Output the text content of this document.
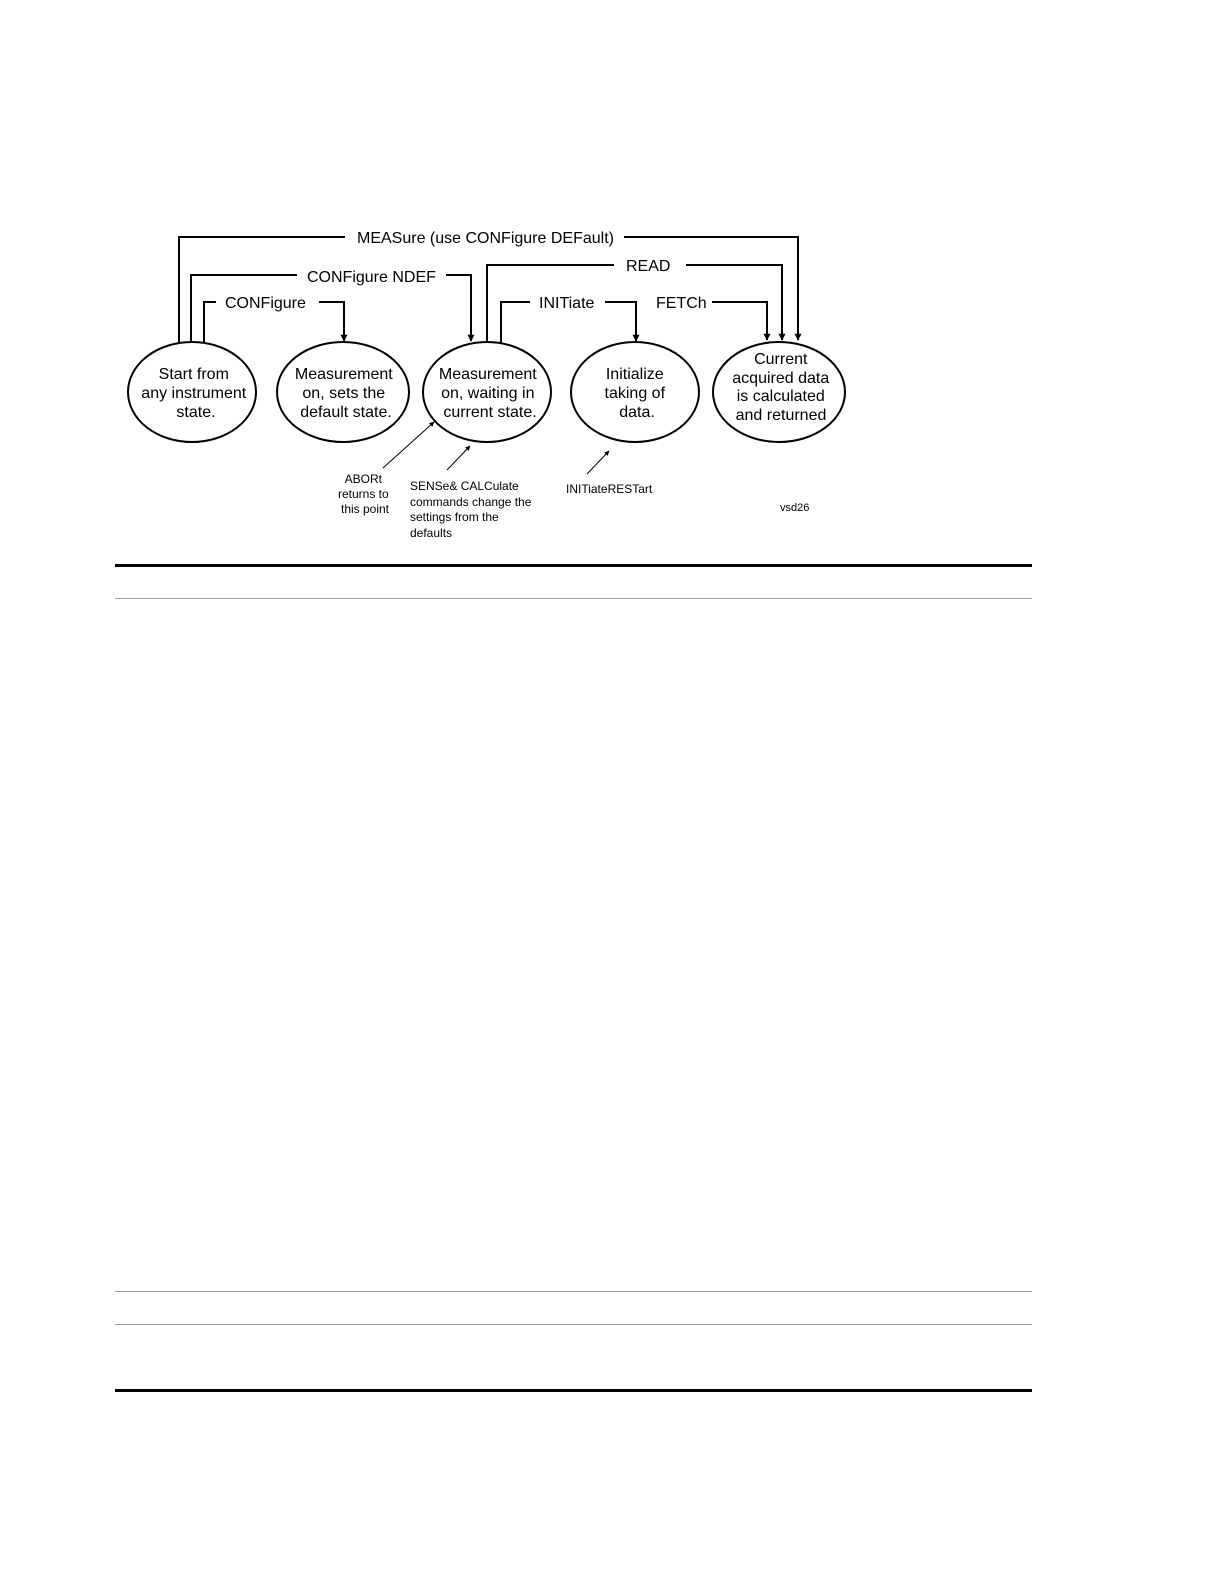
Start from any instrument state.
Measurement on, sets the default state.
Measurement on, waiting in current state.
Initialize taking of data.
Current acquired data is calculated and returned
MEASure (use CONFigure DEFault)
CONFigure NDEF
READ
CONFigure	INITiate	FETCh
ABORt returns to this point
SENSe& CALCulate commands change the settings from the defaults
INITiateRESTart
vsd26
